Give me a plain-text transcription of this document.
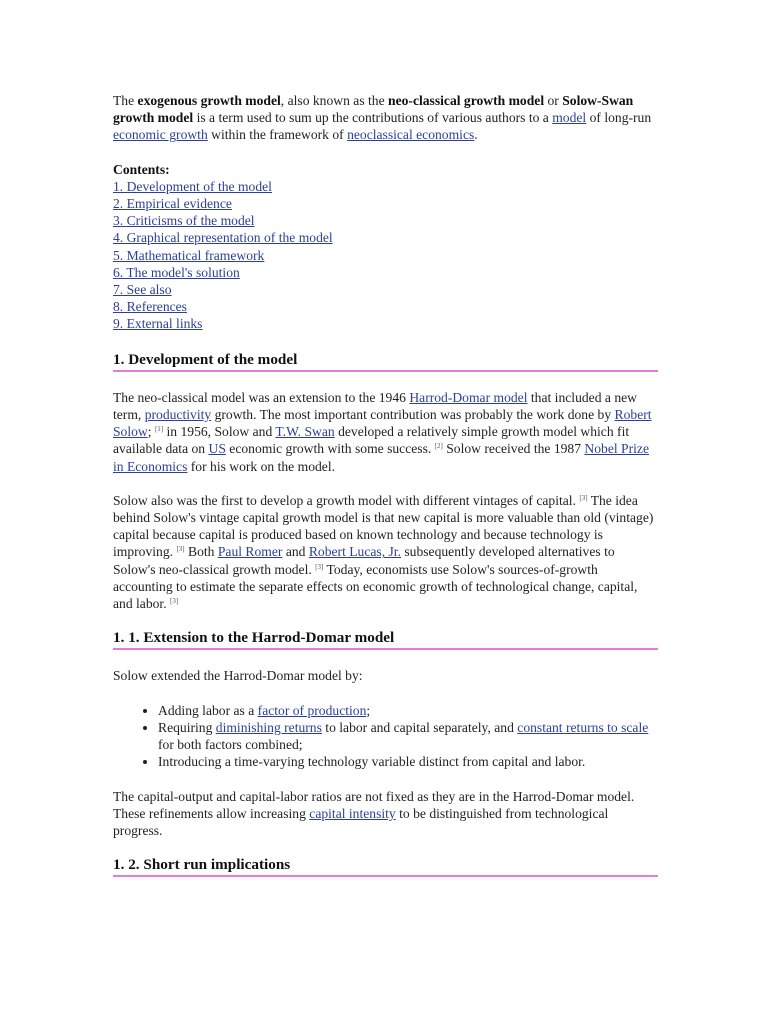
The exogenous growth model, also known as the neo-classical growth model or Solow-Swan growth model is a term used to sum up the contributions of various authors to a model of long-run economic growth within the framework of neoclassical economics.

Contents:
1. Development of the model
2. Empirical evidence
3. Criticisms of the model
4. Graphical representation of the model
5. Mathematical framework
6. The model's solution
7. See also
8. References
9. External links
1. Development of the model

The neo-classical model was an extension to the 1946 Harrod-Domar model that included a new term, productivity growth. The most important contribution was probably the work done by Robert Solow; [1] in 1956, Solow and T.W. Swan developed a relatively simple growth model which fit available data on US economic growth with some success. [2] Solow received the 1987 Nobel Prize in Economics for his work on the model.

Solow also was the first to develop a growth model with different vintages of capital. [3] The idea behind Solow's vintage capital growth model is that new capital is more valuable than old (vintage) capital because capital is produced based on known technology and because technology is improving. [3] Both Paul Romer and Robert Lucas, Jr. subsequently developed alternatives to Solow's neo-classical growth model. [3] Today, economists use Solow's sources-of-growth accounting to estimate the separate effects on economic growth of technological change, capital, and labor. [3]

1. 1. Extension to the Harrod-Domar model

Solow extended the Harrod-Domar model by:

• Adding labor as a factor of production;
• Requiring diminishing returns to labor and capital separately, and constant returns to scale for both factors combined;
• Introducing a time-varying technology variable distinct from capital and labor.

The capital-output and capital-labor ratios are not fixed as they are in the Harrod-Domar model. These refinements allow increasing capital intensity to be distinguished from technological progress.

1. 2. Short run implications
